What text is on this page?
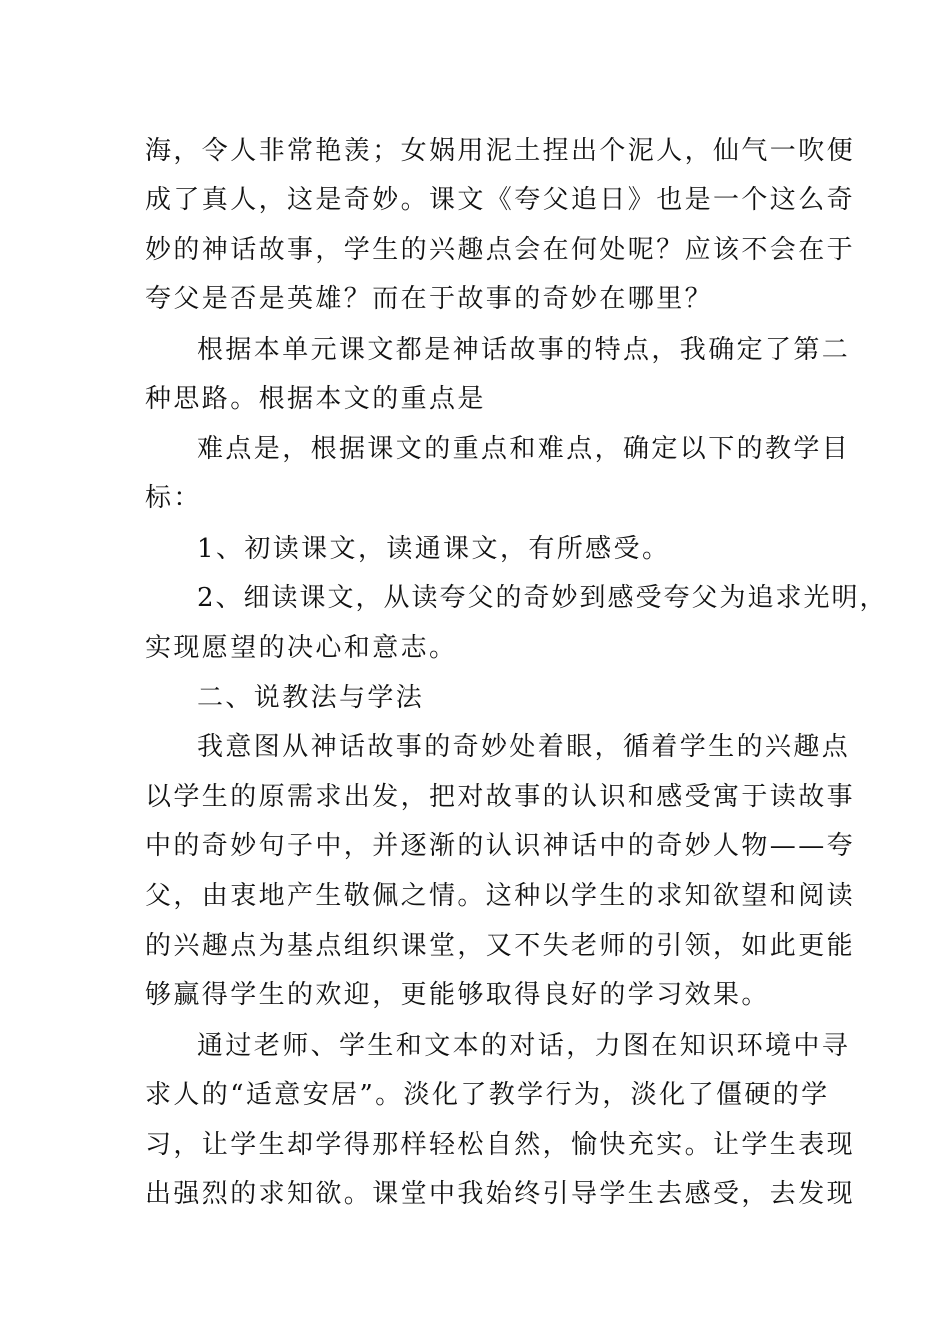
海，令人非常艳羡；女娲用泥土捏出个泥人，仙气一吹便
成了真人，这是奇妙。课文《夸父追日》也是一个这么奇
妙的神话故事，学生的兴趣点会在何处呢？应该不会在于
夸父是否是英雄？而在于故事的奇妙在哪里？
根据本单元课文都是神话故事的特点，我确定了第二
种思路。根据本文的重点是
难点是，根据课文的重点和难点，确定以下的教学目
标：
1、初读课文，读通课文，有所感受。
2、细读课文，从读夸父的奇妙到感受夸父为追求光明，
实现愿望的决心和意志。
二、说教法与学法
我意图从神话故事的奇妙处着眼，循着学生的兴趣点
以学生的原需求出发，把对故事的认识和感受寓于读故事
中的奇妙句子中，并逐渐的认识神话中的奇妙人物——夸
父，由衷地产生敬佩之情。这种以学生的求知欲望和阅读
的兴趣点为基点组织课堂，又不失老师的引领，如此更能
够赢得学生的欢迎，更能够取得良好的学习效果。
通过老师、学生和文本的对话，力图在知识环境中寻
求人的“适意安居”。淡化了教学行为，淡化了僵硬的学
习，让学生却学得那样轻松自然，愉快充实。让学生表现
出强烈的求知欲。课堂中我始终引导学生去感受，去发现
